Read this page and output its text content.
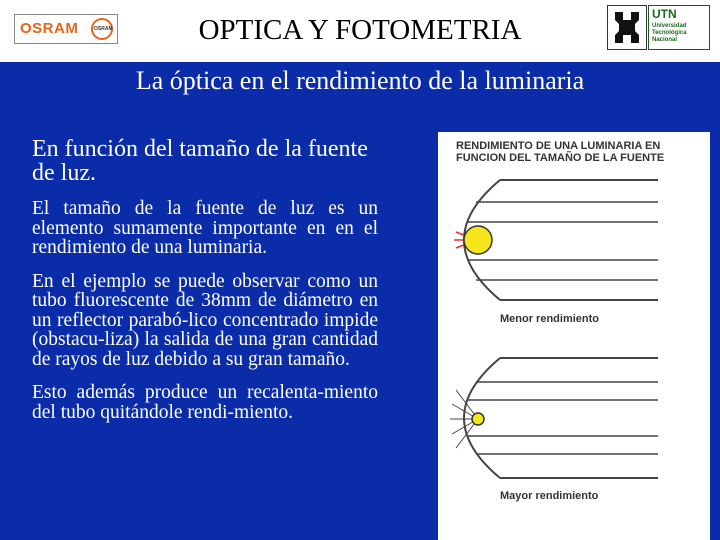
OSRAM	OSRAM	OPTICA Y FOTOMETRIA	UTN
Universidad
Tecnológica
Nacional
La óptica en el rendimiento de la luminaria
En función del tamaño de la fuente de luz.
El tamaño de la fuente de luz es un elemento sumamente importante en en el rendimiento de una luminaria.
En el ejemplo se puede observar como un tubo fluorescente de 38mm de diámetro en un reflector parabó-lico concentrado impide (obstacu-liza) la salida de una gran cantidad de rayos de luz debido a su gran tamaño.
Esto además produce un recalenta-miento del tubo quitándole rendi-miento.
RENDIMIENTO DE UNA LUMINARIA EN FUNCION DEL TAMAÑO DE LA FUENTE
Menor rendimiento
Mayor rendimiento
